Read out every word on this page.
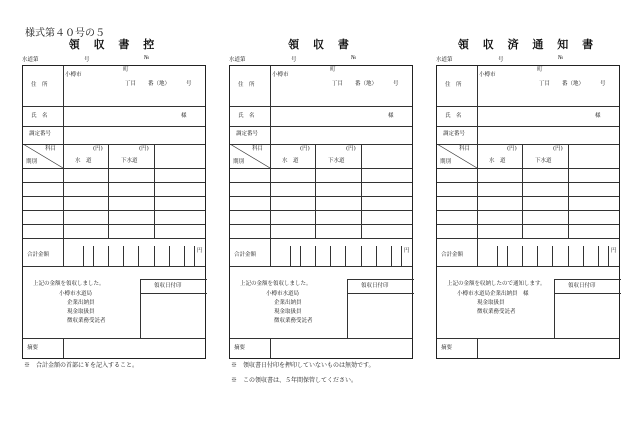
様式第４０号の５
領 収 書 控
水道第	号	№
住　所
小樽市
町
丁目 番（地）	号
氏　名	様
調定番号
科目
期別
(円)	(円)
水　道	下水道
合計金額
円
上記の金額を領収しました。
小樽市水道局
企業出納員
現金取扱員
徴収業務受託者
領収日付印
摘要
領 収 書
水道第	号	№
住　所
小樽市
町
丁目 番（地）	号
氏　名	様
調定番号
科目
期別
(円)	(円)
水　道	下水道
合計金額
円
上記の金額を領収しました。
小樽市水道局
企業出納員
現金取扱員
徴収業務受託者
領収日付印
摘要
領 収 済 通 知 書
水道第	号	№
住　所
小樽市
町
丁目 番（地）	号
氏　名	様
調定番号
科目
期別
(円)	(円)
水　道	下水道
合計金額
円
上記の金額を収納したので通知します。
小樽市水道局企業出納員　様
現金取扱員
徴収業務受託者
領収日付印
摘要
※　合計金額の首部に￥を記入すること。	※　領収書日付印を押印していないものは無効です。
※　この領収書は、５年間保管してください。
